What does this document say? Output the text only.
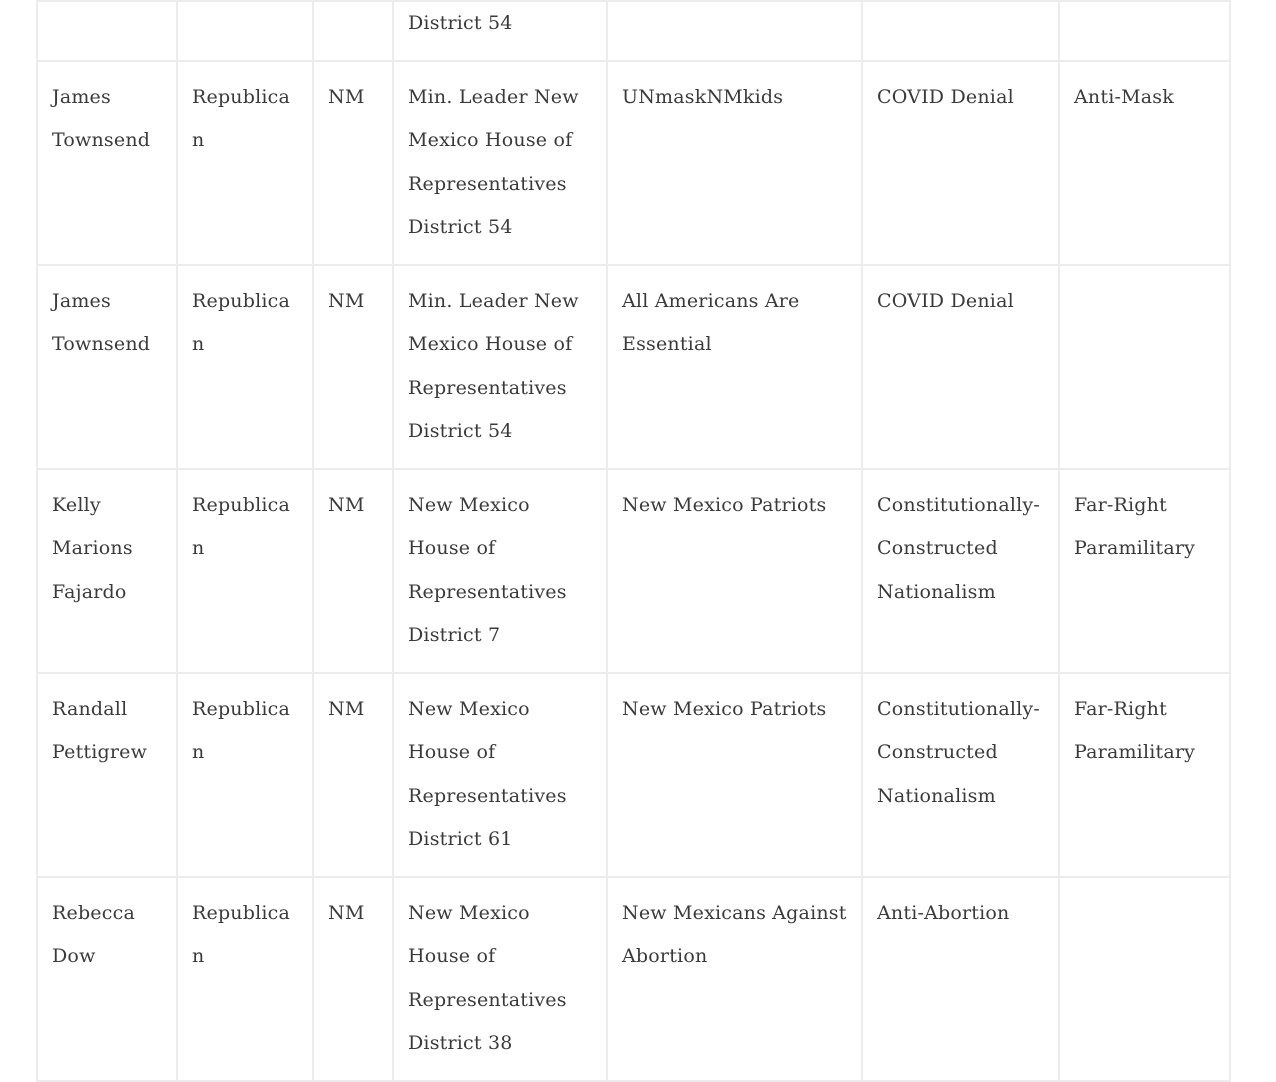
			District 54			
James Townsend	Republican	NM	Min. Leader New Mexico House of Representatives District 54	UNmaskNMkids	COVID Denial	Anti-Mask
James Townsend	Republican	NM	Min. Leader New Mexico House of Representatives District 54	All Americans Are Essential	COVID Denial	
Kelly Marions Fajardo	Republican	NM	New Mexico House of Representatives District 7	New Mexico Patriots	Constitutionally-Constructed Nationalism	Far-Right Paramilitary
Randall Pettigrew	Republican	NM	New Mexico House of Representatives District 61	New Mexico Patriots	Constitutionally-Constructed Nationalism	Far-Right Paramilitary
Rebecca Dow	Republican	NM	New Mexico House of Representatives District 38	New Mexicans Against Abortion	Anti-Abortion	
